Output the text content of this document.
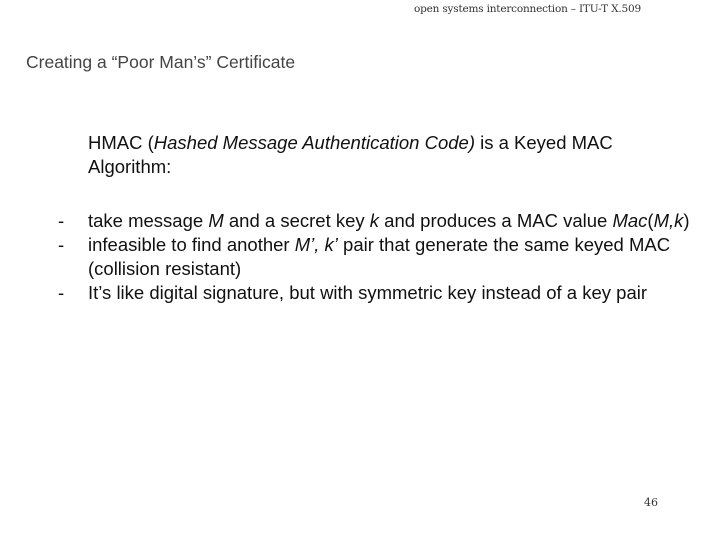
open systems interconnection – ITU-T X.509
Creating a “Poor Man’s” Certificate
HMAC (Hashed Message Authentication Code) is a Keyed MAC Algorithm:
- take message M and a secret key k and produces a MAC value Mac(M,k)
- infeasible to find another M’, k’ pair that generate the same keyed MAC (collision resistant)
- It’s like digital signature, but with symmetric key instead of a key pair
46
